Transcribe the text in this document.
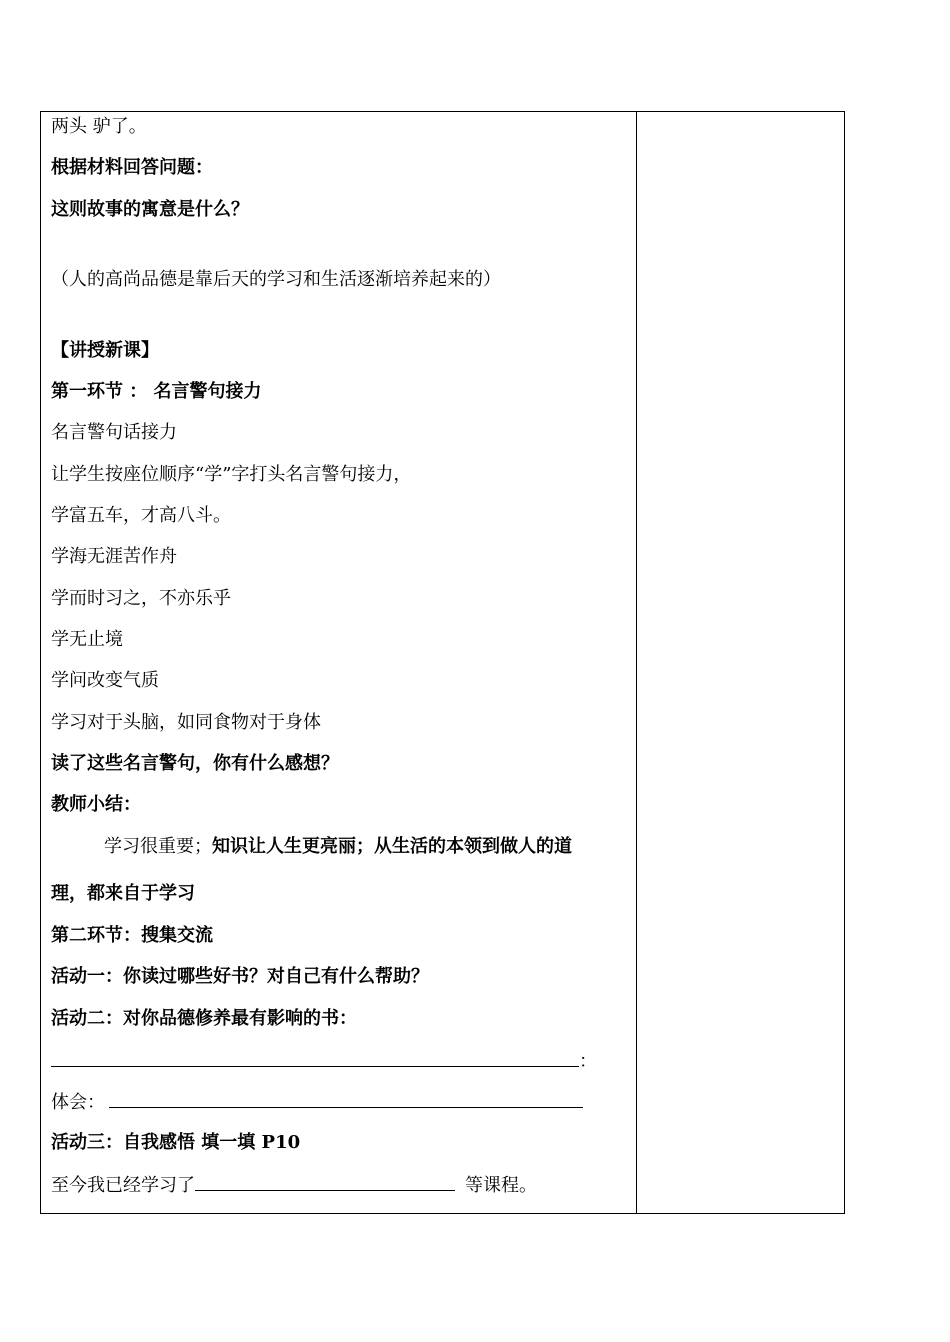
两头 驴了。
根据材料回答问题：
这则故事的寓意是什么？
（人的高尚品德是靠后天的学习和生活逐渐培养起来的）
【讲授新课】
第一环节 ： 名言警句接力
名言警句话接力
让学生按座位顺序“学”字打头名言警句接力，
学富五车，才高八斗。
学海无涯苦作舟
学而时习之，不亦乐乎
学无止境
学问改变气质
学习对于头脑，如同食物对于身体
读了这些名言警句，你有什么感想？
教师小结：
学习很重要；知识让人生更亮丽；从生活的本领到做人的道
理，都来自于学习
第二环节：搜集交流
活动一：你读过哪些好书？对自己有什么帮助？
活动二：对你品德修养最有影响的书：
：
体会：
活动三：自我感悟 填一填 P10
至今我已经学习了	等课程。
